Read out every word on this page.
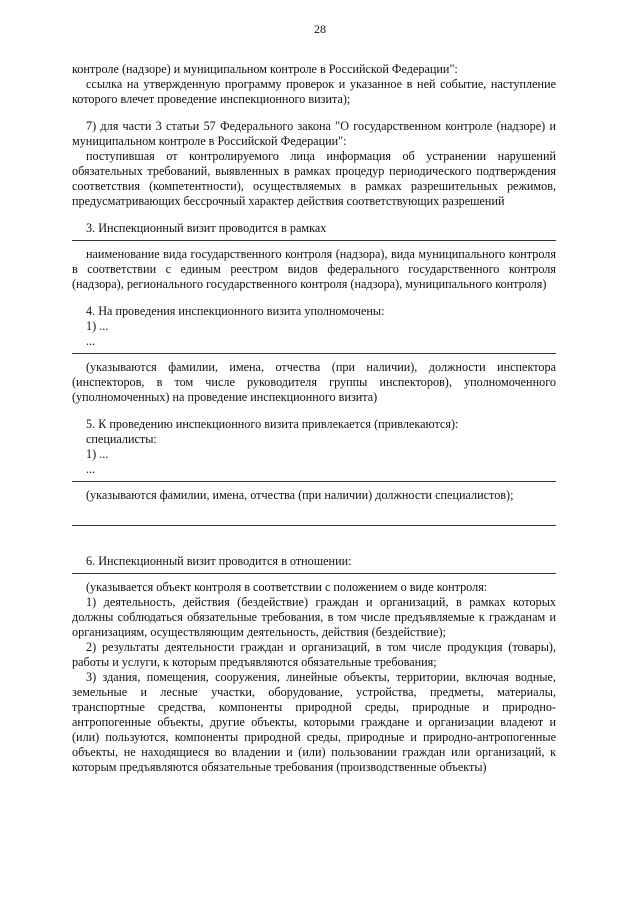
28

контроле (надзоре) и муниципальном контроле в Российской Федерации":

ссылка на утвержденную программу проверок и указанное в ней событие, наступление которого влечет проведение инспекционного визита);

7) для части 3 статьи 57 Федерального закона "О государственном контроле (надзоре) и муниципальном контроле в Российской Федерации":

поступившая от контролируемого лица информация об устранении нарушений обязательных требований, выявленных в рамках процедур периодического подтверждения соответствия (компетентности), осуществляемых в рамках разрешительных режимов, предусматривающих бессрочный характер действия соответствующих разрешений

3. Инспекционный визит проводится в рамках

наименование вида государственного контроля (надзора), вида муниципального контроля в соответствии с единым реестром видов федерального государственного контроля (надзора), регионального государственного контроля (надзора), муниципального контроля)

4. На проведения инспекционного визита уполномочены:

1) ...

...

(указываются фамилии, имена, отчества (при наличии), должности инспектора (инспекторов, в том числе руководителя группы инспекторов), уполномоченного (уполномоченных) на проведение инспекционного визита)

5. К проведению инспекционного визита привлекается (привлекаются):

специалисты:

1) ...

...

(указываются фамилии, имена, отчества (при наличии) должности специалистов);

6. Инспекционный визит проводится в отношении:

(указывается объект контроля в соответствии с положением о виде контроля:

1) деятельность, действия (бездействие) граждан и организаций, в рамках которых должны соблюдаться обязательные требования, в том числе предъявляемые к гражданам и организациям, осуществляющим деятельность, действия (бездействие);

2) результаты деятельности граждан и организаций, в том числе продукция (товары), работы и услуги, к которым предъявляются обязательные требования;

3) здания, помещения, сооружения, линейные объекты, территории, включая водные, земельные и лесные участки, оборудование, устройства, предметы, материалы, транспортные средства, компоненты природной среды, природные и природно-антропогенные объекты, другие объекты, которыми граждане и организации владеют и (или) пользуются, компоненты природной среды, природные и природно-антропогенные объекты, не находящиеся во владении и (или) пользовании граждан или организаций, к которым предъявляются обязательные требования (производственные объекты)
